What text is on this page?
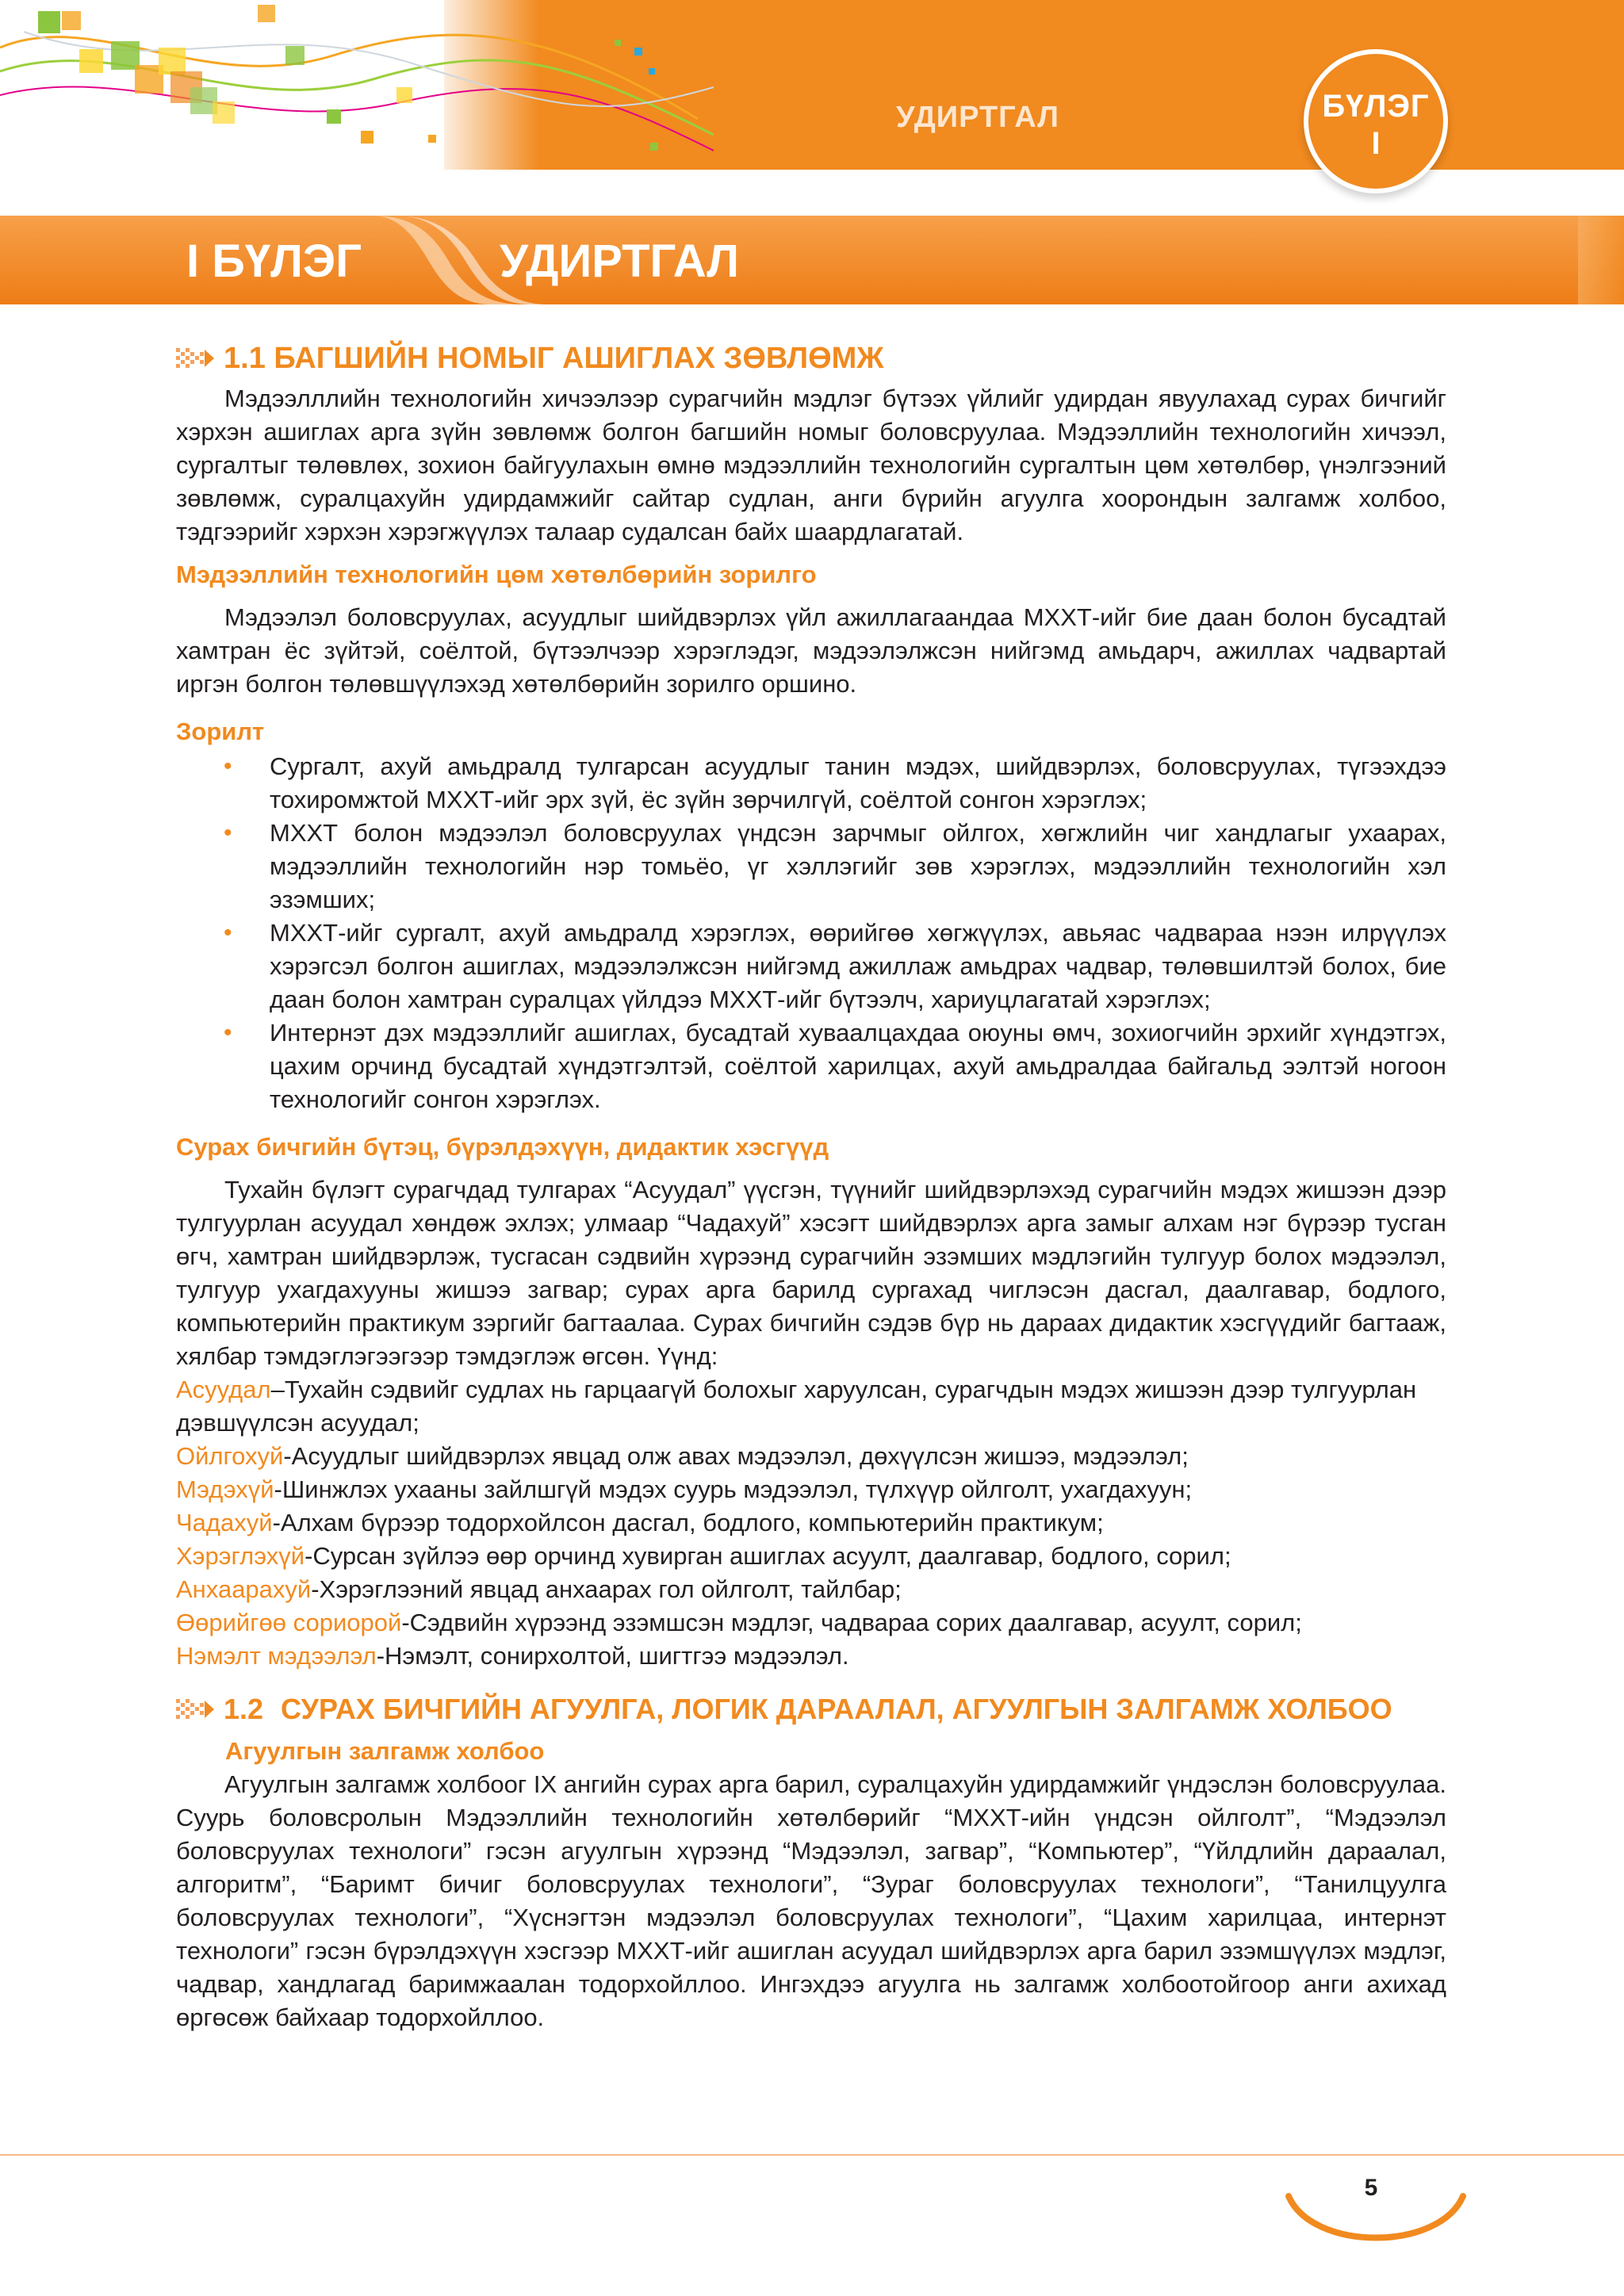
УДИРТГАЛ	БҮЛЭГ
I
I БҮЛЭГ	УДИРТГАЛ
1.1 БАГШИЙН НОМЫГ АШИГЛАХ ЗӨВЛӨМЖ

Мэдээлллийн технологийн хичээлээр сурагчийн мэдлэг бүтээх үйлийг удирдан явуулахад сурах бичгийг хэрхэн ашиглах арга зүйн зөвлөмж болгон багшийн номыг боловсруулаа. Мэдээллийн технологийн хичээл, сургалтыг төлөвлөх, зохион байгуулахын өмнө мэдээллийн технологийн сургалтын цөм хөтөлбөр, үнэлгээний зөвлөмж, суралцахуйн удирдамжийг сайтар судлан, анги бүрийн агуулга хоорондын залгамж холбоо, тэдгээрийг хэрхэн хэрэгжүүлэх талаар судалсан байх шаардлагатай.

Мэдээллийн технологийн цөм хөтөлбөрийн зорилго

Мэдээлэл боловсруулах, асуудлыг шийдвэрлэх үйл ажиллагаандаа МХХТ-ийг бие даан болон бусадтай хамтран ёс зүйтэй, соёлтой, бүтээлчээр хэрэглэдэг, мэдээлэлжсэн нийгэмд амьдарч, ажиллах чадвартай иргэн болгон төлөвшүүлэхэд хөтөлбөрийн зорилго оршино.

Зорилт
• Сургалт, ахуй амьдралд тулгарсан асуудлыг танин мэдэх, шийдвэрлэх, боловсруулах, түгээхдээ тохиромжтой МХХТ-ийг эрх зүй, ёс зүйн зөрчилгүй, соёлтой сонгон хэрэглэх;
• МХХТ болон мэдээлэл боловсруулах үндсэн зарчмыг ойлгох, хөгжлийн чиг хандлагыг ухаарах, мэдээллийн технологийн нэр томьёо, үг хэллэгийг зөв хэрэглэх, мэдээллийн технологийн хэл эзэмших;
• МХХТ-ийг сургалт, ахуй амьдралд хэрэглэх, өөрийгөө хөгжүүлэх, авьяас чадвараа нээн илрүүлэх хэрэгсэл болгон ашиглах, мэдээлэлжсэн нийгэмд ажиллаж амьдрах чадвар, төлөвшилтэй болох, бие даан болон хамтран суралцах үйлдээ МХХТ-ийг бүтээлч, хариуцлагатай хэрэглэх;
• Интернэт дэх мэдээллийг ашиглах, бусадтай хуваалцахдаа оюуны өмч, зохиогчийн эрхийг хүндэтгэх, цахим орчинд бусадтай хүндэтгэлтэй, соёлтой харилцах, ахуй амьдралдаа байгальд ээлтэй ногоон технологийг сонгон хэрэглэх.
Сурах бичгийн бүтэц, бүрэлдэхүүн, дидактик хэсгүүд

Тухайн бүлэгт сурагчдад тулгарах “Асуудал” үүсгэн, түүнийг шийдвэрлэхэд сурагчийн мэдэх жишээн дээр тулгуурлан асуудал хөндөж эхлэх; улмаар “Чадахуй” хэсэгт шийдвэрлэх арга замыг алхам нэг бүрээр тусган өгч, хамтран шийдвэрлэж, тусгасан сэдвийн хүрээнд сурагчийн эзэмших мэдлэгийн тулгуур болох мэдээлэл, тулгуур ухагдахууны жишээ загвар; сурах арга барилд сургахад чиглэсэн дасгал, даалгавар, бодлого, компьютерийн практикум зэргийг багтаалаа. Сурах бичгийн сэдэв бүр нь дараах дидактик хэсгүүдийг багтааж, хялбар тэмдэглэгээгээр тэмдэглэж өгсөн. Үүнд:

Асуудал–Тухайн сэдвийг судлах нь гарцаагүй болохыг харуулсан, сурагчдын мэдэх жишээн дээр тулгуурлан дэвшүүлсэн асуудал;

Ойлгохуй-Асуудлыг шийдвэрлэх явцад олж авах мэдээлэл, дөхүүлсэн жишээ, мэдээлэл;

Мэдэхүй-Шинжлэх ухааны зайлшгүй мэдэх суурь мэдээлэл, түлхүүр ойлголт, ухагдахуун;

Чадахуй-Алхам бүрээр тодорхойлсон дасгал, бодлого, компьютерийн практикум;

Хэрэглэхүй-Сурсан зүйлээ өөр орчинд хувирган ашиглах асуулт, даалгавар, бодлого, сорил;

Анхаарахуй-Хэрэглээний явцад анхаарах гол ойлголт, тайлбар;

Өөрийгөө сориорой-Сэдвийн хүрээнд эзэмшсэн мэдлэг, чадвараа сорих даалгавар, асуулт, сорил;

Нэмэлт мэдээлэл-Нэмэлт, сонирхолтой, шигтгээ мэдээлэл.

1.2 СУРАХ БИЧГИЙН АГУУЛГА, ЛОГИК ДАРААЛАЛ, АГУУЛГЫН ЗАЛГАМЖ ХОЛБОО
Агуулгын залгамж холбоо

Агуулгын залгамж холбоог IX ангийн сурах арга барил, суралцахуйн удирдамжийг үндэслэн боловсруулаа. Суурь боловсролын Мэдээллийн технологийн хөтөлбөрийг “МХХТ-ийн үндсэн ойлголт”, “Мэдээлэл боловсруулах технологи” гэсэн агуулгын хүрээнд “Мэдээлэл, загвар”, “Компьютер”, “Үйлдлийн дараалал, алгоритм”, “Баримт бичиг боловсруулах технологи”, “Зураг боловсруулах технологи”, “Танилцуулга боловсруулах технологи”, “Хүснэгтэн мэдээлэл боловсруулах технологи”, “Цахим харилцаа, интернэт технологи” гэсэн бүрэлдэхүүн хэсгээр МХХТ-ийг ашиглан асуудал шийдвэрлэх арга барил эзэмшүүлэх мэдлэг, чадвар, хандлагад баримжаалан тодорхойллоо. Ингэхдээ агуулга нь залгамж холбоотойгоор анги ахихад өргөсөж байхаар тодорхойллоо.

5
